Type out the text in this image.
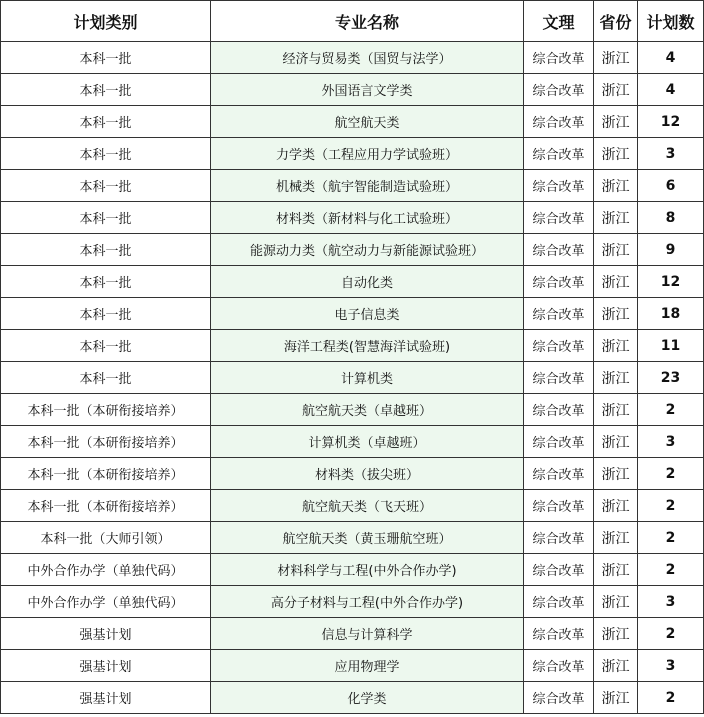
计划类别	专业名称	文理	省份	计划数
本科一批	经济与贸易类（国贸与法学）	综合改革	浙江	4
本科一批	外国语言文学类	综合改革	浙江	4
本科一批	航空航天类	综合改革	浙江	12
本科一批	力学类（工程应用力学试验班）	综合改革	浙江	3
本科一批	机械类（航宇智能制造试验班）	综合改革	浙江	6
本科一批	材料类（新材料与化工试验班）	综合改革	浙江	8
本科一批	能源动力类（航空动力与新能源试验班）	综合改革	浙江	9
本科一批	自动化类	综合改革	浙江	12
本科一批	电子信息类	综合改革	浙江	18
本科一批	海洋工程类(智慧海洋试验班)	综合改革	浙江	11
本科一批	计算机类	综合改革	浙江	23
本科一批（本研衔接培养）	航空航天类（卓越班）	综合改革	浙江	2
本科一批（本研衔接培养）	计算机类（卓越班）	综合改革	浙江	3
本科一批（本研衔接培养）	材料类（拔尖班）	综合改革	浙江	2
本科一批（本研衔接培养）	航空航天类（飞天班）	综合改革	浙江	2
本科一批（大师引领）	航空航天类（黄玉珊航空班）	综合改革	浙江	2
中外合作办学（单独代码）	材料科学与工程(中外合作办学)	综合改革	浙江	2
中外合作办学（单独代码）	高分子材料与工程(中外合作办学)	综合改革	浙江	3
强基计划	信息与计算科学	综合改革	浙江	2
强基计划	应用物理学	综合改革	浙江	3
强基计划	化学类	综合改革	浙江	2
